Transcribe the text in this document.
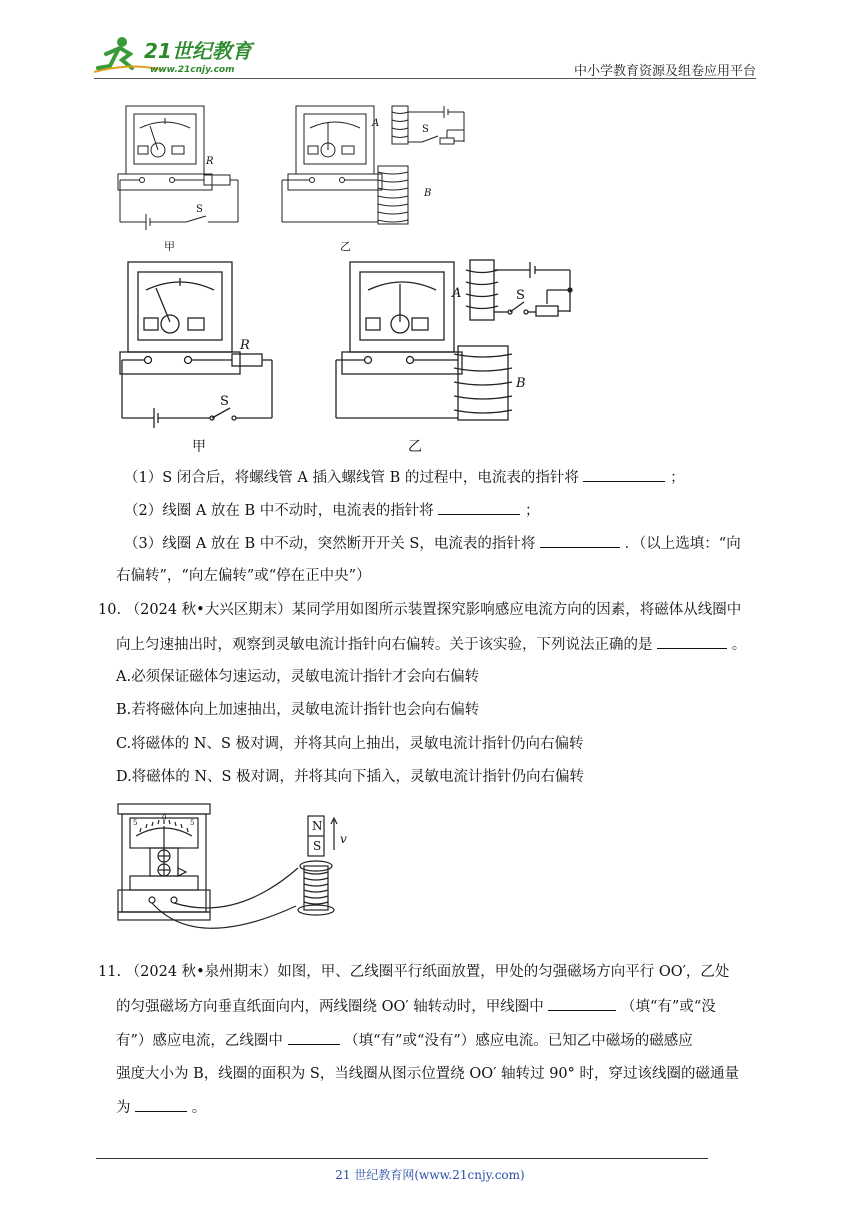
21世纪教育
www.21cnjy.com	中小学教育资源及组卷应用平台
R
S
A
S
B
甲	乙
R
S
A	S
B
甲	乙
（1）S 闭合后，将螺线管 A 插入螺线管 B 的过程中，电流表的指针将	；
（2）线圈 A 放在 B 中不动时，电流表的指针将	；
（3）线圈 A 放在 B 中不动，突然断开开关 S，电流表的指针将	．（以上选填：“向
右偏转”，“向左偏转”或“停在正中央”）
10. （2024 秋•大兴区期末）某同学用如图所示装置探究影响感应电流方向的因素，将磁体从线圈中
向上匀速抽出时，观察到灵敏电流计指针向右偏转。关于该实验，下列说法正确的是	。
A.必须保证磁体匀速运动，灵敏电流计指针才会向右偏转
B.若将磁体向上加速抽出，灵敏电流计指针也会向右偏转
C.将磁体的 N、S 极对调，并将其向上抽出，灵敏电流计指针仍向右偏转
D.将磁体的 N、S 极对调，并将其向下插入，灵敏电流计指针仍向右偏转
N
S v
5
0
5
11. （2024 秋•泉州期末）如图，甲、乙线圈平行纸面放置，甲处的匀强磁场方向平行 OO′，乙处
的匀强磁场方向垂直纸面向内，两线圈绕 OO′ 轴转动时，甲线圈中	（填“有”或“没
有”）感应电流，乙线圈中	（填“有”或“没有”）感应电流。已知乙中磁场的磁感应
强度大小为 B，线圈的面积为 S，当线圈从图示位置绕 OO′ 轴转过 90° 时，穿过该线圈的磁通量
为	。
21 世纪教育网(www.21cnjy.com)
